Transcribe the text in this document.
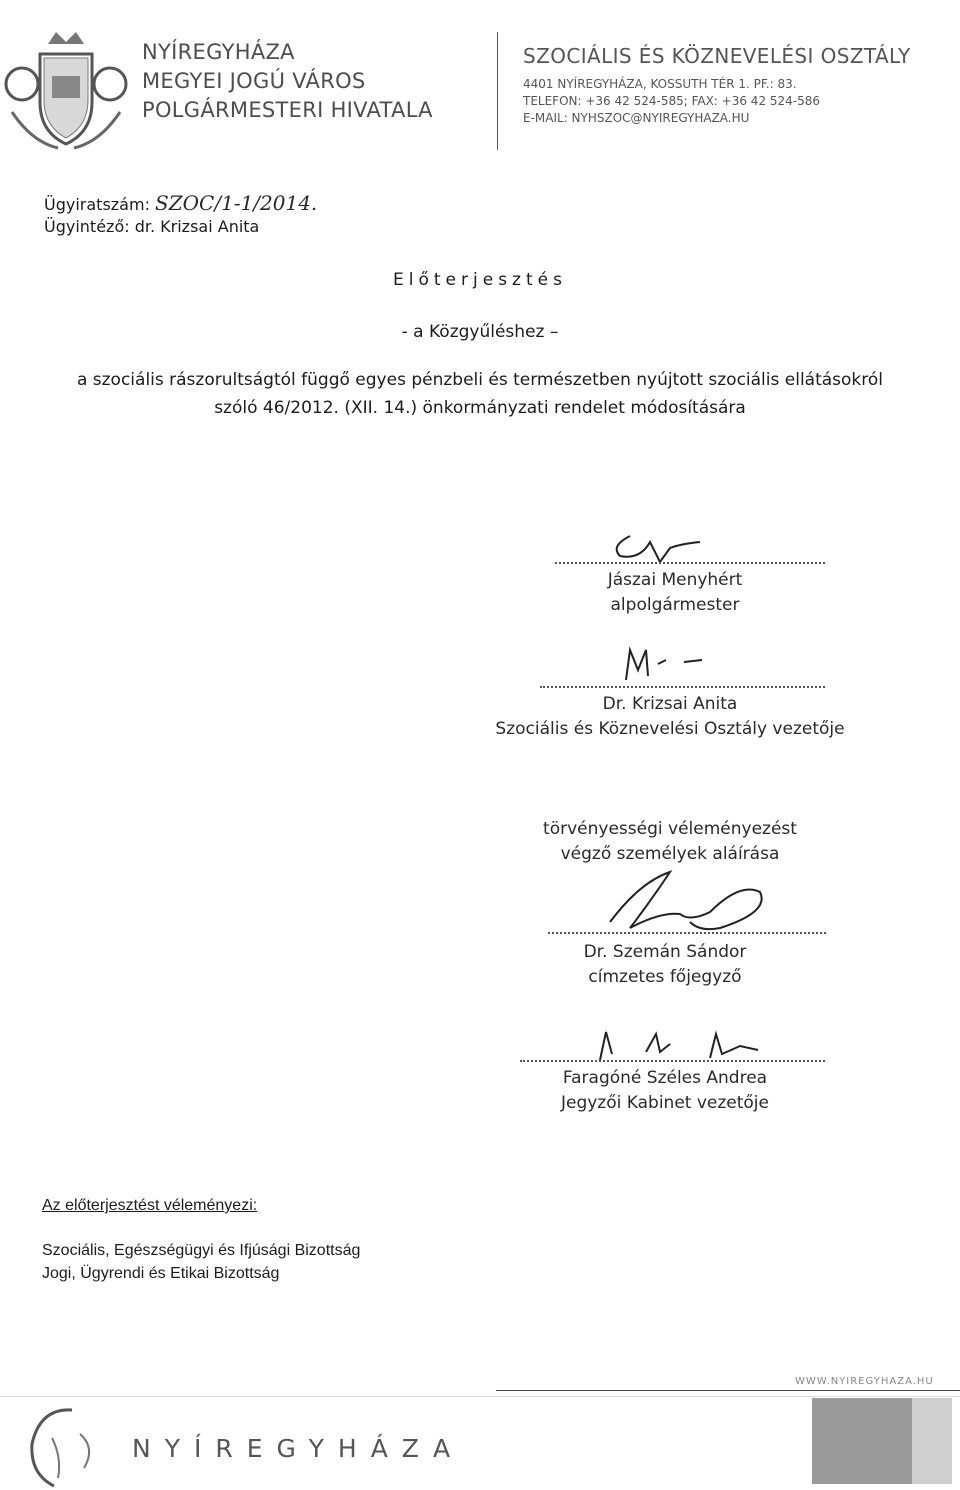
NYÍREGYHÁZA
MEGYEI JOGÚ VÁROS
POLGÁRMESTERI HIVATALA
SZOCIÁLIS ÉS KÖZNEVELÉSI OSZTÁLY
4401 NYÍREGYHÁZA, KOSSUTH TÉR 1. PF.: 83.
TELEFON: +36 42 524-585; FAX: +36 42 524-586
E-MAIL: NYHSZOC@NYIREGYHAZA.HU
Ügyiratszám: SZOC/1-1/2014.
Ügyintéző: dr. Krizsai Anita
Előterjesztés
- a Közgyűléshez –
a szociális rászorultságtól függő egyes pénzbeli és természetben nyújtott szociális ellátásokról szóló 46/2012. (XII. 14.) önkormányzati rendelet módosítására
Jászai Menyhért
alpolgármester
Dr. Krizsai Anita
Szociális és Köznevelési Osztály vezetője
törvényességi véleményezést
végző személyek aláírása
Dr. Szemán Sándor
címzetes főjegyző
Faragóné Széles Andrea
Jegyzői Kabinet vezetője
Az előterjesztést véleményezi:
Szociális, Egészségügyi és Ifjúsági Bizottság
Jogi, Ügyrendi és Etikai Bizottság
WWW.NYIREGYHAZA.HU
NYÍREGYHÁZA
